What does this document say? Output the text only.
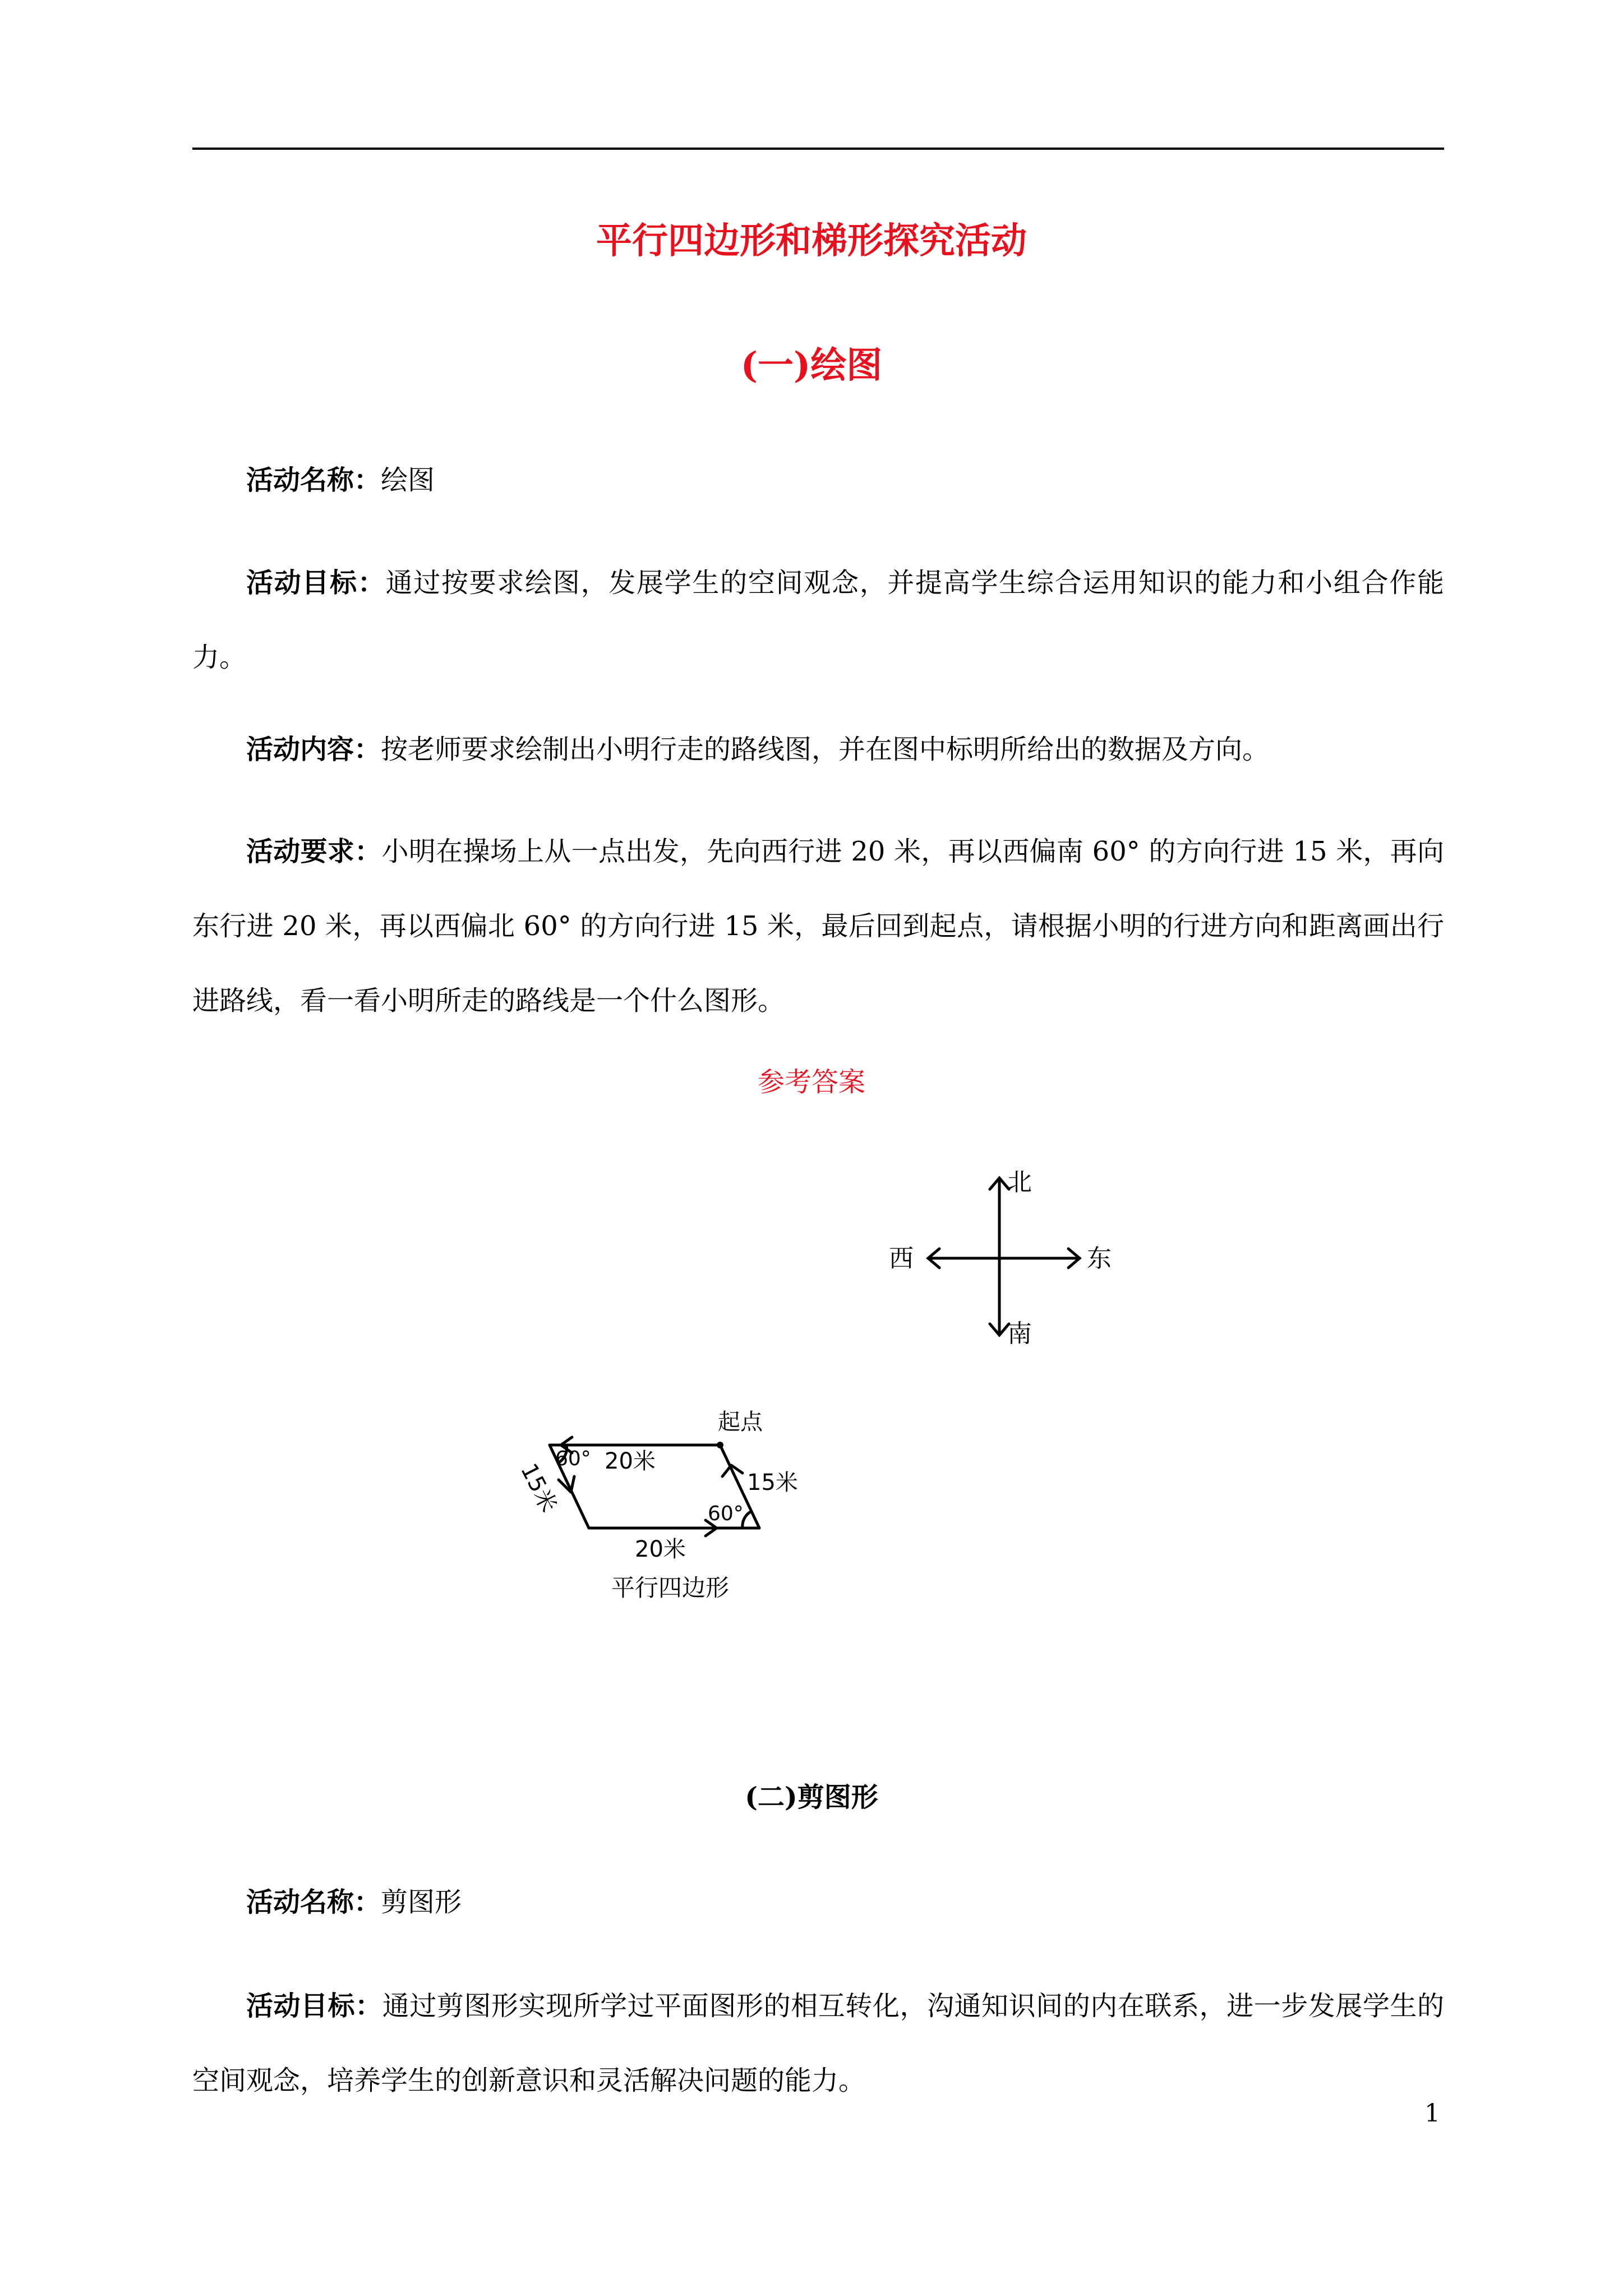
平行四边形和梯形探究活动
(一)绘图
活动名称：绘图
活动目标：通过按要求绘图，发展学生的空间观念，并提高学生综合运用知识的能力和小组合作能力。
活动内容：按老师要求绘制出小明行走的路线图，并在图中标明所给出的数据及方向。
活动要求：小明在操场上从一点出发，先向西行进 20 米，再以西偏南 60° 的方向行进 15 米，再向东行进 20 米，再以西偏北 60° 的方向行进 15 米，最后回到起点，请根据小明的行进方向和距离画出行进路线，看一看小明所走的路线是一个什么图形。
参考答案
北
南
西	东
起点
20米
20米
15米
15米
60°
60°
平行四边形
(二)剪图形
活动名称：剪图形
活动目标：通过剪图形实现所学过平面图形的相互转化，沟通知识间的内在联系，进一步发展学生的空间观念，培养学生的创新意识和灵活解决问题的能力。
1
